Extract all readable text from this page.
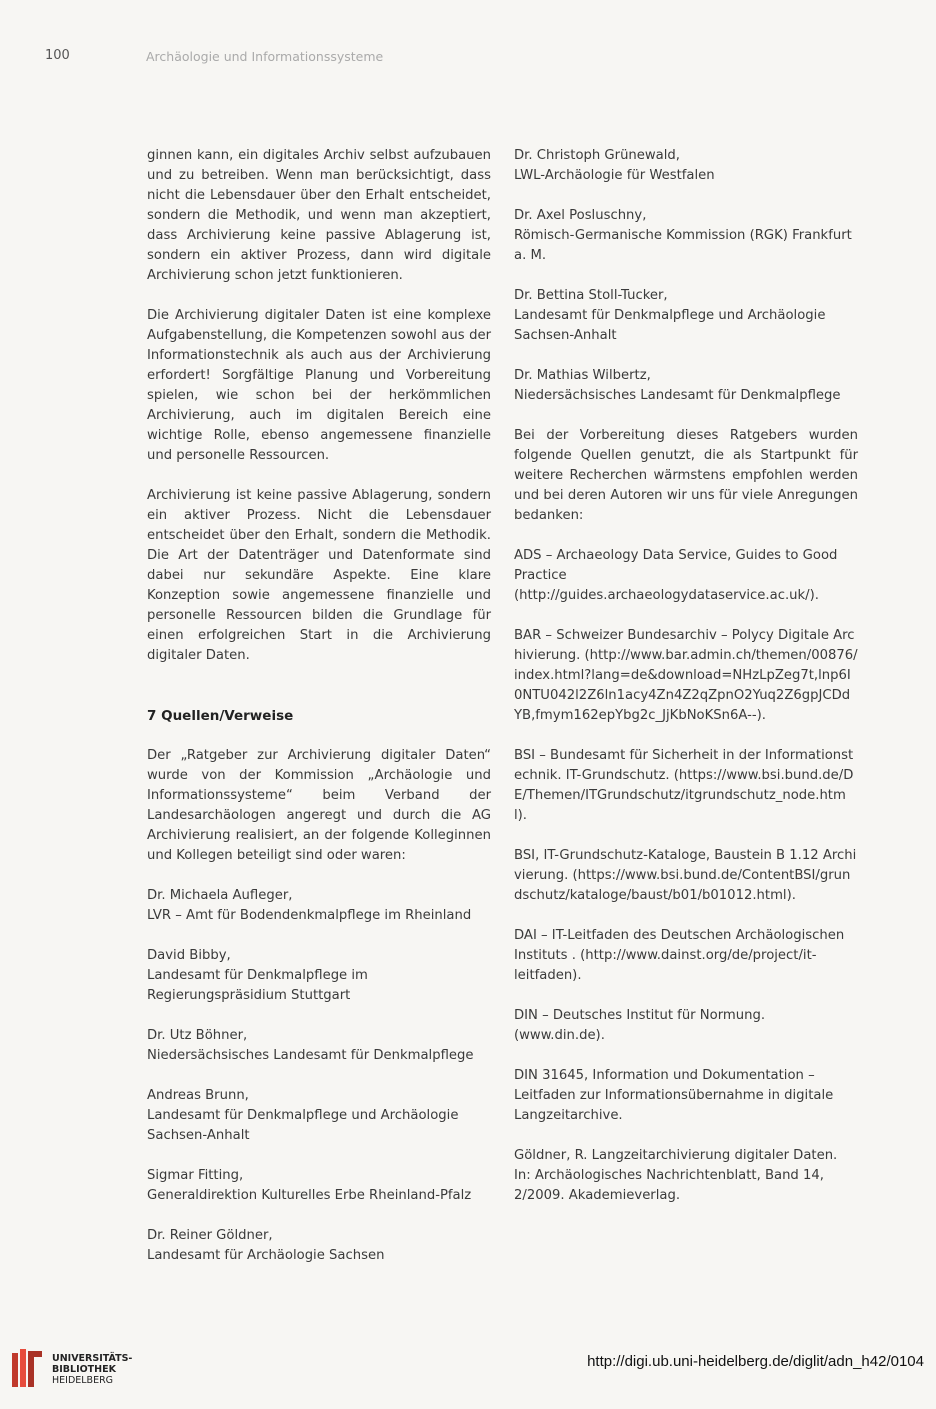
100	Archäologie und Informationssysteme

ginnen kann, ein digitales Archiv selbst aufzubauen und zu betreiben. Wenn man berücksichtigt, dass nicht die Lebensdauer über den Erhalt entscheidet, sondern die Methodik, und wenn man akzeptiert, dass Archivierung keine passive Ablagerung ist, sondern ein aktiver Prozess, dann wird digitale Archivierung schon jetzt funktionieren.

Die Archivierung digitaler Daten ist eine komplexe Aufgabenstellung, die Kompetenzen sowohl aus der Informationstechnik als auch aus der Archivierung erfordert! Sorgfältige Planung und Vorbereitung spielen, wie schon bei der herkömmlichen Archivierung, auch im digitalen Bereich eine wichtige Rolle, ebenso angemessene finanzielle und personelle Ressourcen.

Archivierung ist keine passive Ablagerung, sondern ein aktiver Prozess. Nicht die Lebensdauer entscheidet über den Erhalt, sondern die Methodik. Die Art der Datenträger und Datenformate sind dabei nur sekundäre Aspekte. Eine klare Konzeption sowie angemessene finanzielle und personelle Ressourcen bilden die Grundlage für einen erfolgreichen Start in die Archivierung digitaler Daten.

7 Quellen/Verweise

Der „Ratgeber zur Archivierung digitaler Daten“ wurde von der Kommission „Archäologie und Informationssysteme“ beim Verband der Landesarchäologen angeregt und durch die AG Archivierung realisiert, an der folgende Kolleginnen und Kollegen beteiligt sind oder waren:

Dr. Michaela Aufleger,
LVR – Amt für Bodendenkmalpflege im Rheinland
David Bibby,
Landesamt für Denkmalpflege im Regierungspräsidium Stuttgart
Dr. Utz Böhner,
Niedersächsisches Landesamt für Denkmalpflege
Andreas Brunn,
Landesamt für Denkmalpflege und Archäologie Sachsen-Anhalt
Sigmar Fitting,
Generaldirektion Kulturelles Erbe Rheinland-Pfalz
Dr. Reiner Göldner,
Landesamt für Archäologie Sachsen
Dr. Christoph Grünewald,
LWL-Archäologie für Westfalen
Dr. Axel Posluschny,
Römisch-Germanische Kommission (RGK) Frankfurt a. M.
Dr. Bettina Stoll-Tucker,
Landesamt für Denkmalpflege und Archäologie Sachsen-Anhalt
Dr. Mathias Wilbertz,
Niedersächsisches Landesamt für Denkmalpflege

Bei der Vorbereitung dieses Ratgebers wurden folgende Quellen genutzt, die als Startpunkt für weitere Recherchen wärmstens empfohlen werden und bei deren Autoren wir uns für viele Anregungen bedanken:

ADS – Archaeology Data Service, Guides to Good Practice (http://guides.archaeologydataservice.ac.uk/).

BAR – Schweizer Bundesarchiv – Polycy Digitale Archivierung. (http://www.bar.admin.ch/themen/00876/index.html?lang=de&download=NHzLpZeg7t,lnp6I0NTU042l2Z6ln1acy4Zn4Z2qZpnO2Yuq2Z6gpJCDdYB,fmym162epYbg2c_JjKbNoKSn6A--).

BSI – Bundesamt für Sicherheit in der Informationstechnik. IT-Grundschutz. (https://www.bsi.bund.de/DE/Themen/ITGrundschutz/itgrundschutz_node.html).

BSI, IT-Grundschutz-Kataloge, Baustein B 1.12 Archivierung. (https://www.bsi.bund.de/ContentBSI/grundschutz/kataloge/baust/b01/b01012.html).

DAI – IT-Leitfaden des Deutschen Archäologischen Instituts . (http://www.dainst.org/de/project/it-leitfaden).

DIN – Deutsches Institut für Normung. (www.din.de).

DIN 31645, Information und Dokumentation – Leitfaden zur Informationsübernahme in digitale Langzeitarchive.

Göldner, R. Langzeitarchivierung digitaler Daten. In: Archäologisches Nachrichtenblatt, Band 14, 2/2009. Akademieverlag.

UNIVERSITÄTS-
BIBLIOTHEK
HEIDELBERG
http://digi.ub.uni-heidelberg.de/diglit/adn_h42/0104
